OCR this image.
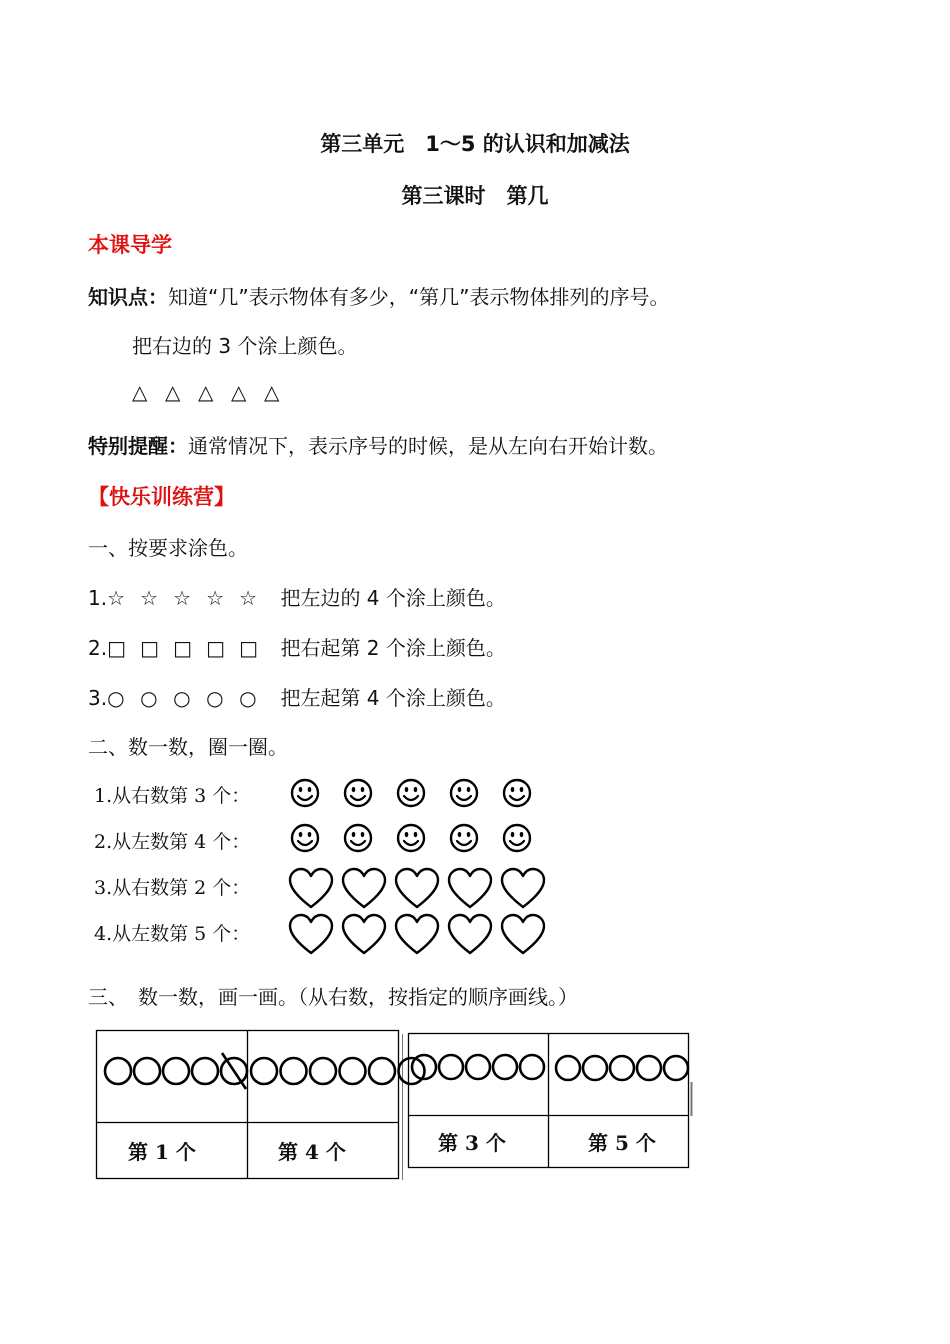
第三单元　1～5 的认识和加减法
第三课时　第几
本课导学
知识点：知道“几”表示物体有多少，“第几”表示物体排列的序号。
把右边的 3 个涂上颜色。
△ △ △ △ △
特别提醒：通常情况下，表示序号的时候，是从左向右开始计数。
【快乐训练营】
一、按要求涂色。
1.☆ ☆ ☆ ☆ ☆ 把左边的 4 个涂上颜色。
2.□ □ □ □ □ 把右起第 2 个涂上颜色。
3.○ ○ ○ ○ ○ 把左起第 4 个涂上颜色。
二、数一数，圈一圈。
1.从右数第 3 个：
2.从左数第 4 个：
3.从右数第 2 个：
4.从左数第 5 个：
三、　数一数，画一画。（从右数，按指定的顺序画线。）
第 1 个	第 4 个	第 3 个	第 5 个
